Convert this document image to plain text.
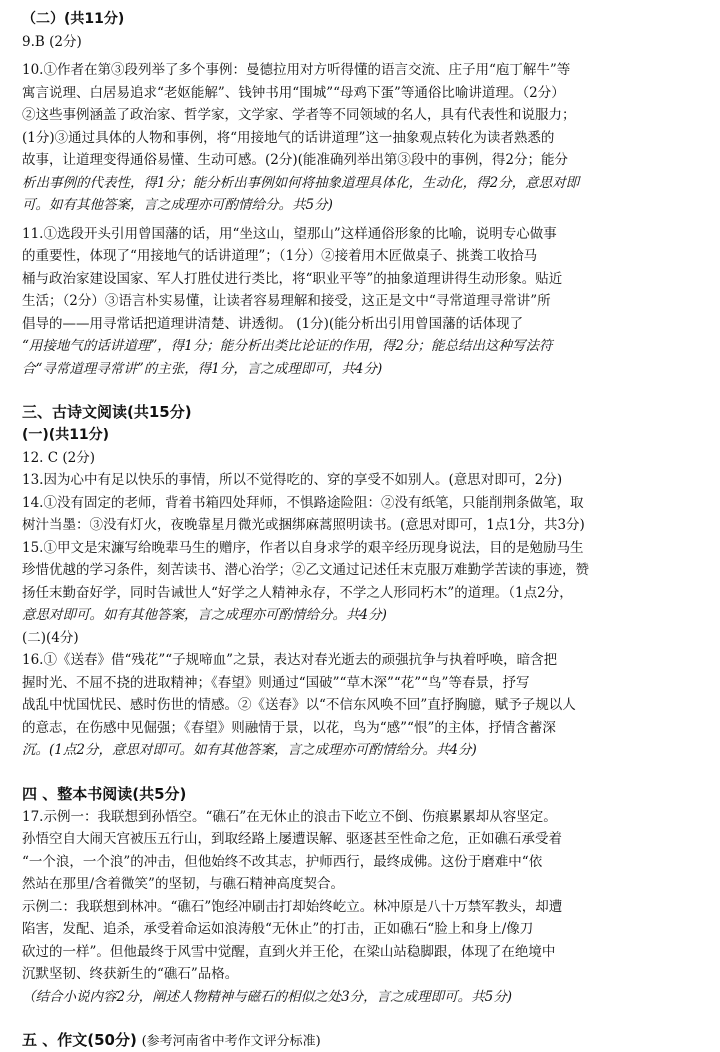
（二）(共11分)
9.B (2分)
10.①作者在第③段列举了多个事例：曼德拉用对方听得懂的语言交流、庄子用“庖丁解牛”等
寓言说理、白居易追求“老妪能解”、钱钟书用“围城”“母鸡下蛋”等通俗比喻讲道理。（2分）
②这些事例涵盖了政治家、哲学家，文学家、学者等不同领域的名人，具有代表性和说服力；
(1分)③通过具体的人物和事例，将“用接地气的话讲道理”这一抽象观点转化为读者熟悉的
故事，让道理变得通俗易懂、生动可感。(2分)(能准确列举出第③段中的事例，得2分；能分
析出事例的代表性，得1分；能分析出事例如何将抽象道理具体化，生动化，得2分，意思对即
可。如有其他答案，言之成理亦可酌情给分。共5分)
11.①选段开头引用曾国藩的话，用“坐这山，望那山”这样通俗形象的比喻，说明专心做事
的重要性，体现了“用接地气的话讲道理”；（1分）②接着用木匠做桌子、挑粪工收拾马
桶与政治家建设国家、军人打胜仗进行类比，将“职业平等”的抽象道理讲得生动形象。贴近
生活；（2分）③语言朴实易懂，让读者容易理解和接受，这正是文中“寻常道理寻常讲”所
倡导的——用寻常话把道理讲清楚、讲透彻。 (1分)(能分析出引用曾国藩的话体现了
“用接地气的话讲道理”，得1分；能分析出类比论证的作用，得2分；能总结出这种写法符
合“寻常道理寻常讲”的主张，得1分，言之成理即可，共4分)
三、古诗文阅读(共15分)
(一)(共11分)
12. C (2分)
13.因为心中有足以快乐的事情，所以不觉得吃的、穿的享受不如别人。(意思对即可，2分)
14.①没有固定的老师，背着书箱四处拜师，不惧路途险阻：②没有纸笔，只能削荆条做笔，取
树汁当墨：③没有灯火，夜晚靠星月微光或捆绑麻蒿照明读书。(意思对即可，1点1分，共3分)
15.①甲文是宋濂写给晚辈马生的赠序，作者以自身求学的艰辛经历现身说法，目的是勉励马生
珍惜优越的学习条件，刻苦读书、潜心治学；②乙文通过记述任末克服万难勤学苦读的事迹，赞
扬任末勤奋好学，同时告诫世人“好学之人精神永存，不学之人形同朽木”的道理。（1点2分，
意思对即可。如有其他答案，言之成理亦可酌情给分。共4分)
(二)(4分)
16.①《送春》借“残花”“子规啼血”之景，表达对春光逝去的顽强抗争与执着呼唤，暗含把
握时光、不屈不挠的进取精神；《春望》则通过“国破”“草木深”“花”“鸟”等春景，抒写
战乱中忧国忧民、感时伤世的情感。②《送春》以“不信东风唤不回”直抒胸臆，赋予子规以人
的意志，在伤感中见倔强；《春望》则融情于景，以花，鸟为“感”“恨”的主体，抒情含蓄深
沉。(1点2分，意思对即可。如有其他答案，言之成理亦可酌情给分。共4分)
四 、整本书阅读(共5分)
17.示例一：我联想到孙悟空。“礁石”在无休止的浪击下屹立不倒、伤痕累累却从容坚定。
孙悟空自大闹天宫被压五行山，到取经路上屡遭误解、驱逐甚至性命之危，正如礁石承受着
“一个浪，一个浪”的冲击，但他始终不改其志，护师西行，最终成佛。这份于磨难中“依
然站在那里/含着微笑”的坚韧，与礁石精神高度契合。
示例二：我联想到林冲。“礁石”饱经冲刷击打却始终屹立。林冲原是八十万禁军教头，却遭
陷害，发配、追杀，承受着命运如浪涛般“无休止”的打击，正如礁石“脸上和身上/像刀
砍过的一样”。但他最终于风雪中觉醒，直到火并王伦，在梁山站稳脚跟，体现了在绝境中
沉默坚韧、终获新生的“礁石”品格。
（结合小说内容2分，阐述人物精神与磁石的相似之处3分，言之成理即可。共5分)
五 、作文(50分) (参考河南省中考作文评分标准)
